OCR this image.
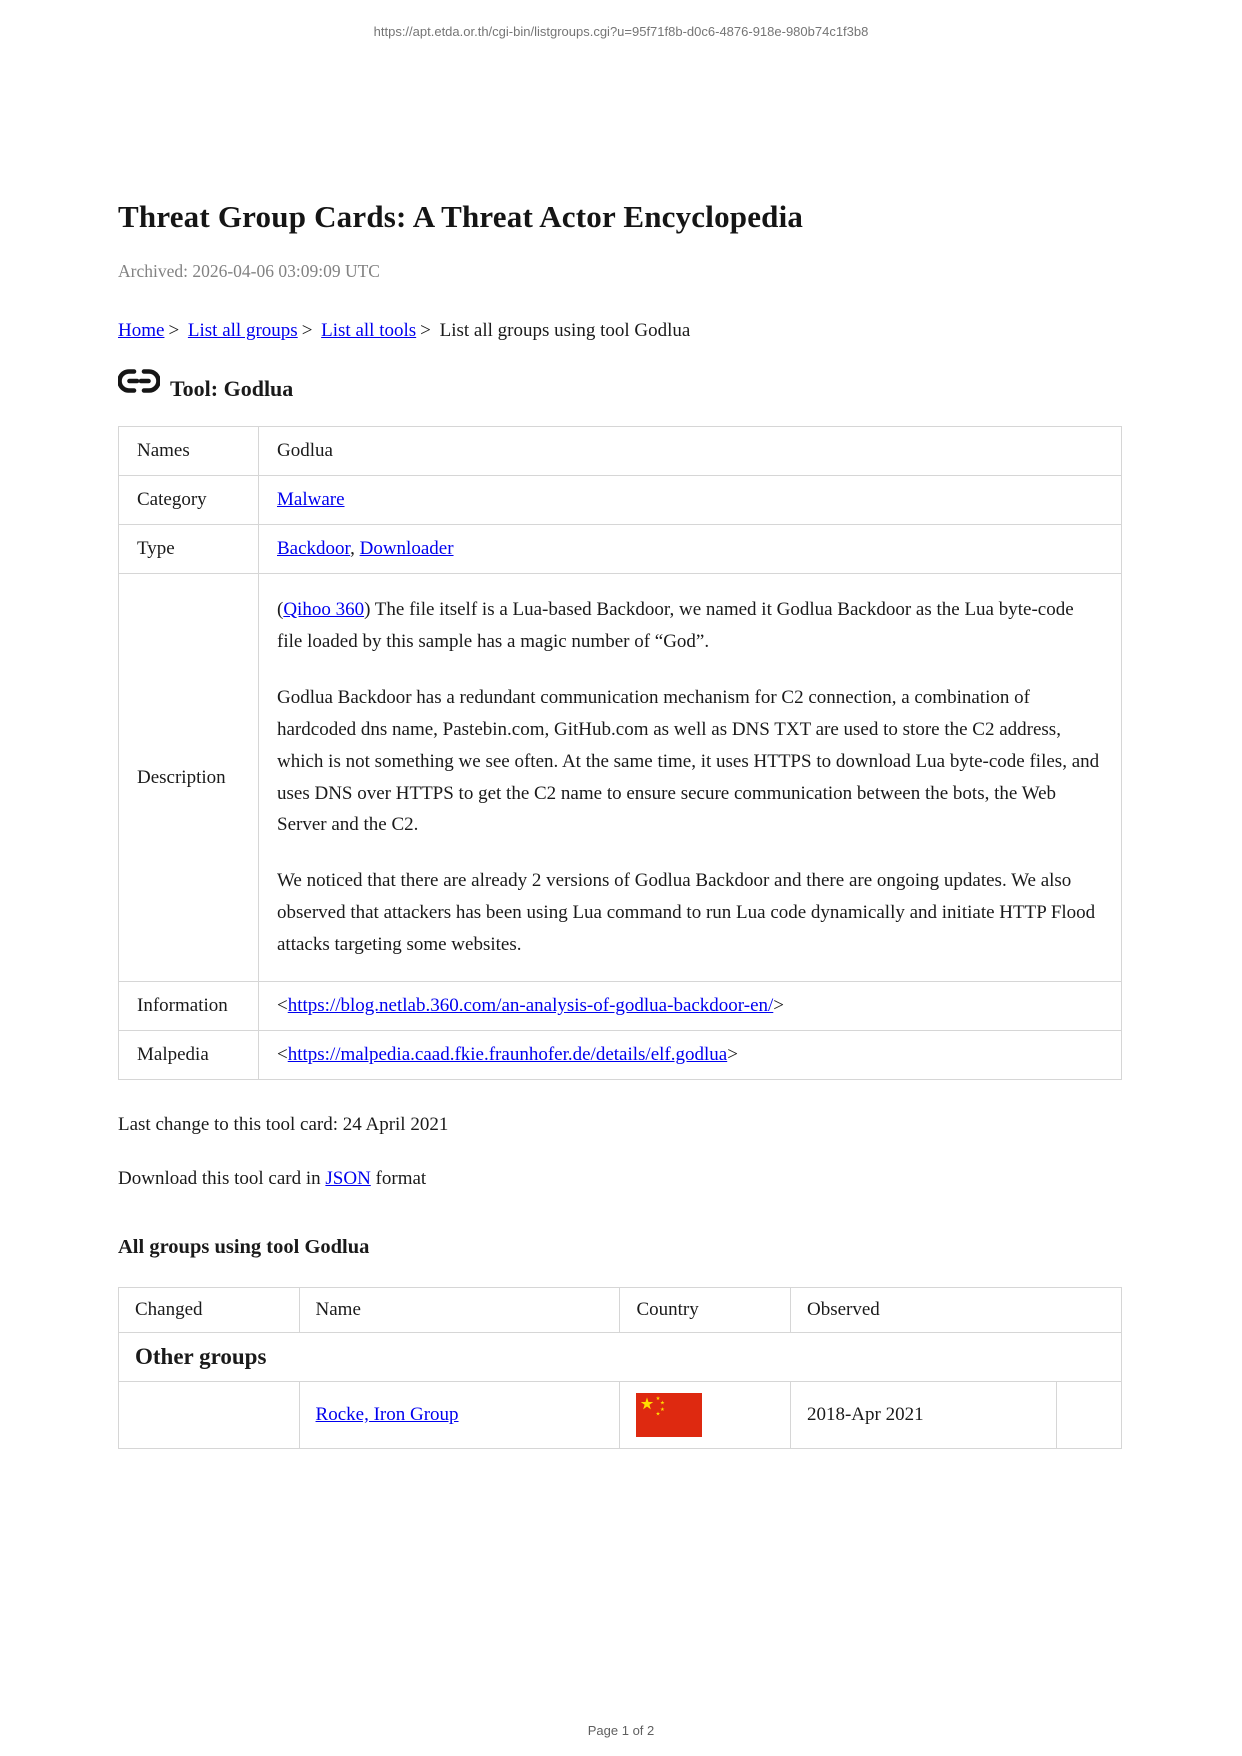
https://apt.etda.or.th/cgi-bin/listgroups.cgi?u=95f71f8b-d0c6-4876-918e-980b74c1f3b8
Threat Group Cards: A Threat Actor Encyclopedia
Archived: 2026-04-06 03:09:09 UTC
Home > List all groups > List all tools > List all groups using tool Godlua
Tool: Godlua
Names	Godlua
Category	Malware
Type	Backdoor, Downloader
Description	(Qihoo 360) The file itself is a Lua-based Backdoor, we named it Godlua Backdoor as the Lua byte-code file loaded by this sample has a magic number of “God”.

Godlua Backdoor has a redundant communication mechanism for C2 connection, a combination of hardcoded dns name, Pastebin.com, GitHub.com as well as DNS TXT are used to store the C2 address, which is not something we see often. At the same time, it uses HTTPS to download Lua byte-code files, and uses DNS over HTTPS to get the C2 name to ensure secure communication between the bots, the Web Server and the C2.

We noticed that there are already 2 versions of Godlua Backdoor and there are ongoing updates. We also observed that attackers has been using Lua command to run Lua code dynamically and initiate HTTP Flood attacks targeting some websites.

Information	<https://blog.netlab.360.com/an-analysis-of-godlua-backdoor-en/>
Malpedia	<https://malpedia.caad.fkie.fraunhofer.de/details/elf.godlua>
Last change to this tool card: 24 April 2021
Download this tool card in JSON format
All groups using tool Godlua
Changed	Name	Country	Observed	
Other groups				
	Rocke, Iron Group		2018-Apr 2021	
Page 1 of 2
